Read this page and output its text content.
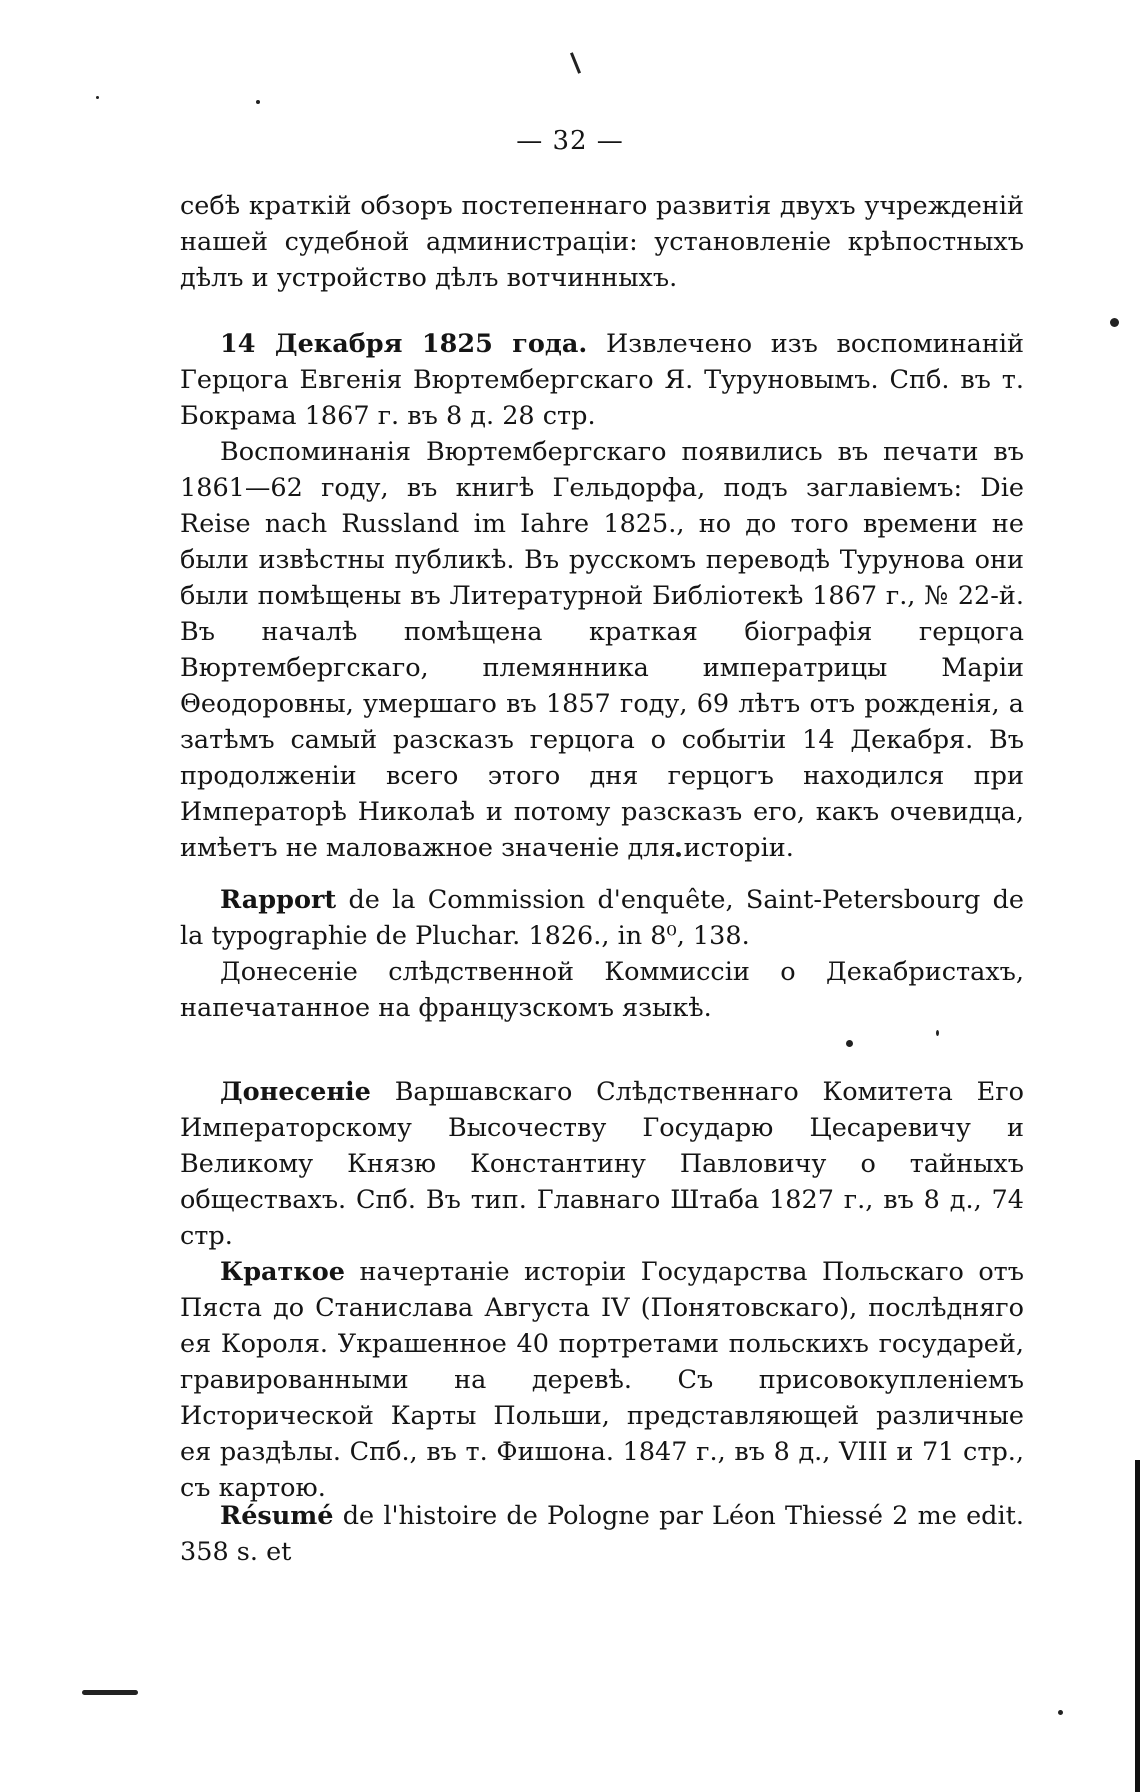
— 32 —

себѣ краткій обзоръ постепеннаго развитія двухъ учрежденій нашей судебной администраціи: установленіе крѣпостныхъ дѣлъ и устройство дѣлъ вотчинныхъ.

14 Декабря 1825 года. Извлечено изъ воспоминаній Герцога Евгенія Вюртембергскаго Я. Туруновымъ. Спб. въ т. Бокрама 1867 г. въ 8 д. 28 стр.

Воспоминанія Вюртембергскаго появились въ печати въ 1861—62 году, въ книгѣ Гельдорфа, подъ заглавіемъ: Die Reise nach Russland im Iahre 1825., но до того времени не были извѣстны публикѣ. Въ русскомъ переводѣ Турунова они были помѣщены въ Литературной Библіотекѣ 1867 г., № 22-й. Въ началѣ помѣщена краткая біографія герцога Вюртембергскаго, племянника императрицы Маріи Θеодоровны, умершаго въ 1857 году, 69 лѣтъ отъ рожденія, а затѣмъ самый разсказъ герцога о событіи 14 Декабря. Въ продолженіи всего этого дня герцогъ находился при Императорѣ Николаѣ и потому разсказъ его, какъ очевидца, имѣетъ не маловажное значеніе для исторіи.

Rapport de la Commission d'enquête, Saint-Petersbourg de la typographie de Pluchar. 1826., in 8⁰, 138.

Донесеніе слѣдственной Коммиссіи о Декабристахъ, напечатанное на французскомъ языкѣ.

Донесеніе Варшавскаго Слѣдственнаго Комитета Его Императорскому Высочеству Государю Цесаревичу и Великому Князю Константину Павловичу о тайныхъ обществахъ. Спб. Въ тип. Главнаго Штаба 1827 г., въ 8 д., 74 стр.

Краткое начертаніе исторіи Государства Польскаго отъ Пяста до Станислава Августа IV (Понятовскаго), послѣдняго ея Короля. Украшенное 40 портретами польскихъ государей, гравированными на деревѣ. Съ присовокупленіемъ Исторической Карты Польши, представляющей различные ея раздѣлы. Спб., въ т. Фишона. 1847 г., въ 8 д., VIII и 71 стр., съ картою.

Résumé de l'histoire de Pologne par Léon Thiessé 2 me edit. 358 s. et
